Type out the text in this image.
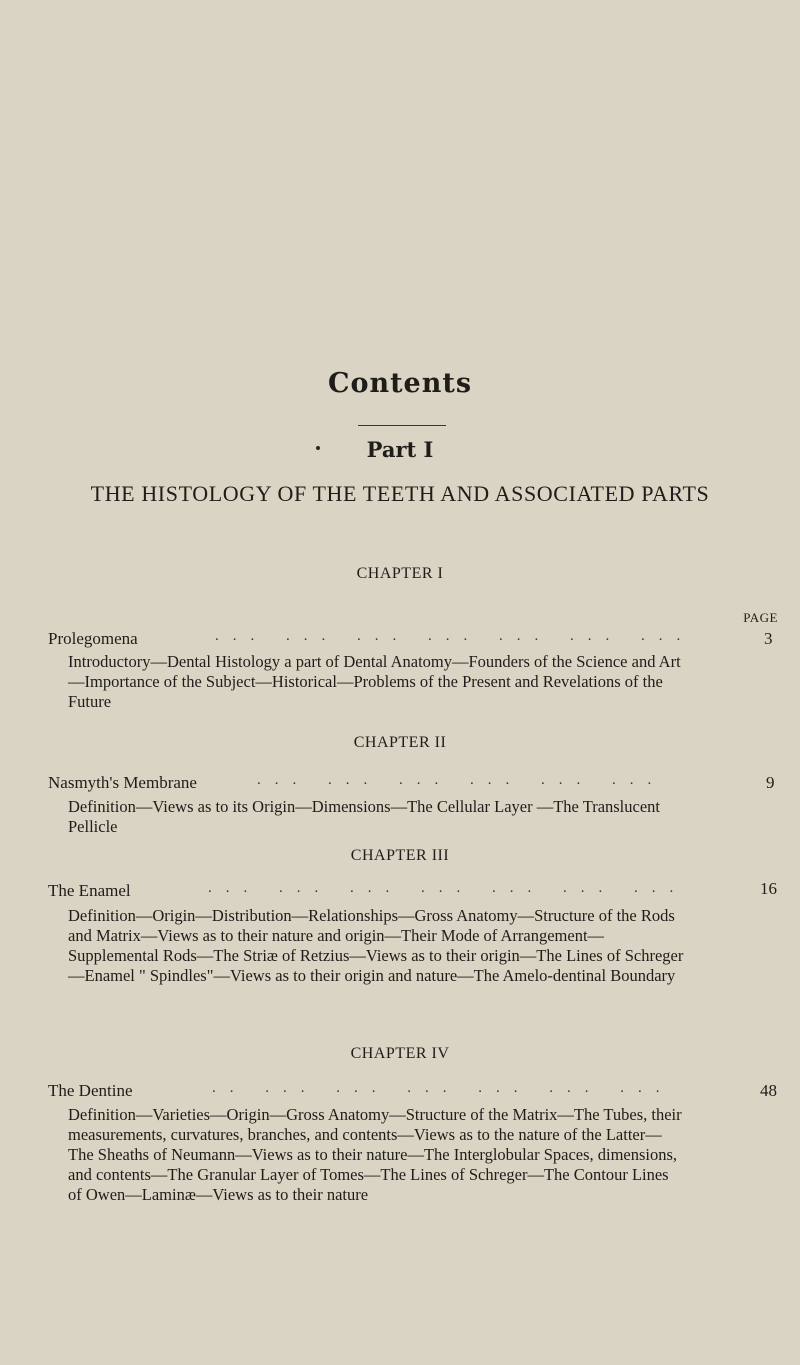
Contents
Part I
THE HISTOLOGY OF THE TEETH AND ASSOCIATED PARTS
PAGE
CHAPTER I
Prolegomena	... ... ... ... ... ... ...	3
Introductory—Dental Histology a part of Dental Anatomy—Founders of the Science and Art—Importance of the Subject—Historical—Problems of the Present and Revelations of the Future
CHAPTER II
Nasmyth's Membrane	... ... ... ... ... ...	9
Definition—Views as to its Origin—Dimensions—The Cellular Layer —The Translucent Pellicle
CHAPTER III
The Enamel	... ... ... ... ... ... ...	16
Definition—Origin—Distribution—Relationships—Gross Anatomy—Structure of the Rods and Matrix—Views as to their nature and origin—Their Mode of Arrangement—Supplemental Rods—The Striæ of Retzius—Views as to their origin—The Lines of Schreger —Enamel " Spindles"—Views as to their origin and nature—The Amelo-dentinal Boundary
CHAPTER IV
The Dentine	.. ... ... ... ... ... ...	48
Definition—Varieties—Origin—Gross Anatomy—Structure of the Matrix—The Tubes, their measurements, curvatures, branches, and contents—Views as to the nature of the Latter—The Sheaths of Neumann—Views as to their nature—The Interglobular Spaces, dimensions, and contents—The Granular Layer of Tomes—The Lines of Schreger—The Contour Lines of Owen—Laminæ—Views as to their nature
